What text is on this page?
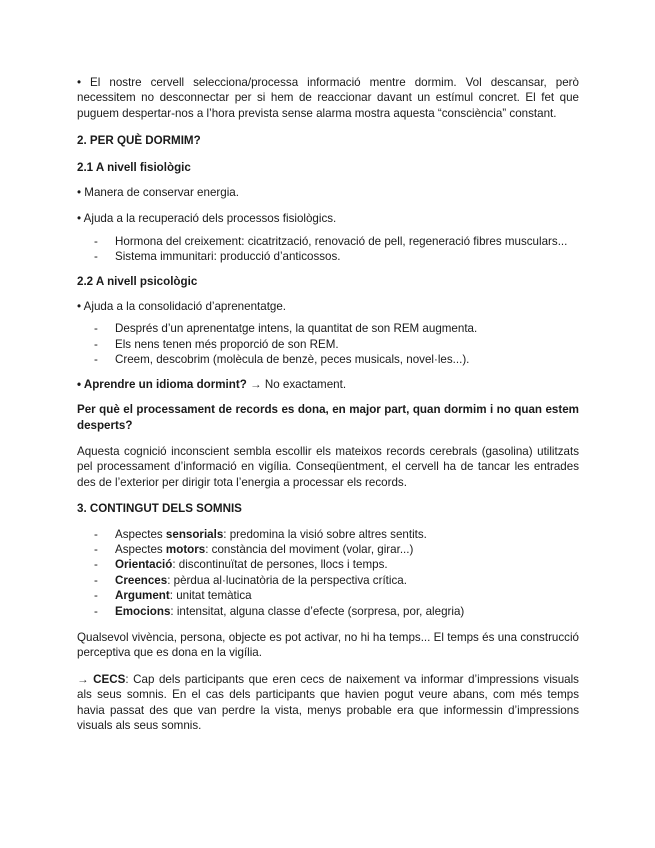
• El nostre cervell selecciona/processa informació mentre dormim. Vol descansar, però necessitem no desconnectar per si hem de reaccionar davant un estímul concret. El fet que puguem despertar-nos a l’hora prevista sense alarma mostra aquesta “consciència” constant.

2. PER QUÈ DORMIM?

2.1 A nivell fisiològic

• Manera de conservar energia.

• Ajuda a la recuperació dels processos fisiològics.

- Hormona del creixement: cicatrització, renovació de pell, regeneració fibres musculars...
- Sistema immunitari: producció d’anticossos.

2.2 A nivell psicològic

• Ajuda a la consolidació d’aprenentatge.

- Després d’un aprenentatge intens, la quantitat de son REM augmenta.
- Els nens tenen més proporció de son REM.
- Creem, descobrim (molècula de benzè, peces musicals, novel·les...).

• Aprendre un idioma dormint? → No exactament.

Per què el processament de records es dona, en major part, quan dormim i no quan estem desperts?

Aquesta cognició inconscient sembla escollir els mateixos records cerebrals (gasolina) utilitzats pel processament d’informació en vigília. Conseqüentment, el cervell ha de tancar les entrades des de l’exterior per dirigir tota l’energia a processar els records.

3. CONTINGUT DELS SOMNIS

- Aspectes sensorials: predomina la visió sobre altres sentits.
- Aspectes motors: constància del moviment (volar, girar...)
- Orientació: discontinuïtat de persones, llocs i temps.
- Creences: pèrdua al·lucinatòria de la perspectiva crítica.
- Argument: unitat temàtica
- Emocions: intensitat, alguna classe d’efecte (sorpresa, por, alegria)

Qualsevol vivència, persona, objecte es pot activar, no hi ha temps... El temps és una construcció perceptiva que es dona en la vigília.

→ CECS: Cap dels participants que eren cecs de naixement va informar d’impressions visuals als seus somnis. En el cas dels participants que havien pogut veure abans, com més temps havia passat des que van perdre la vista, menys probable era que informessin d’impressions visuals als seus somnis.
